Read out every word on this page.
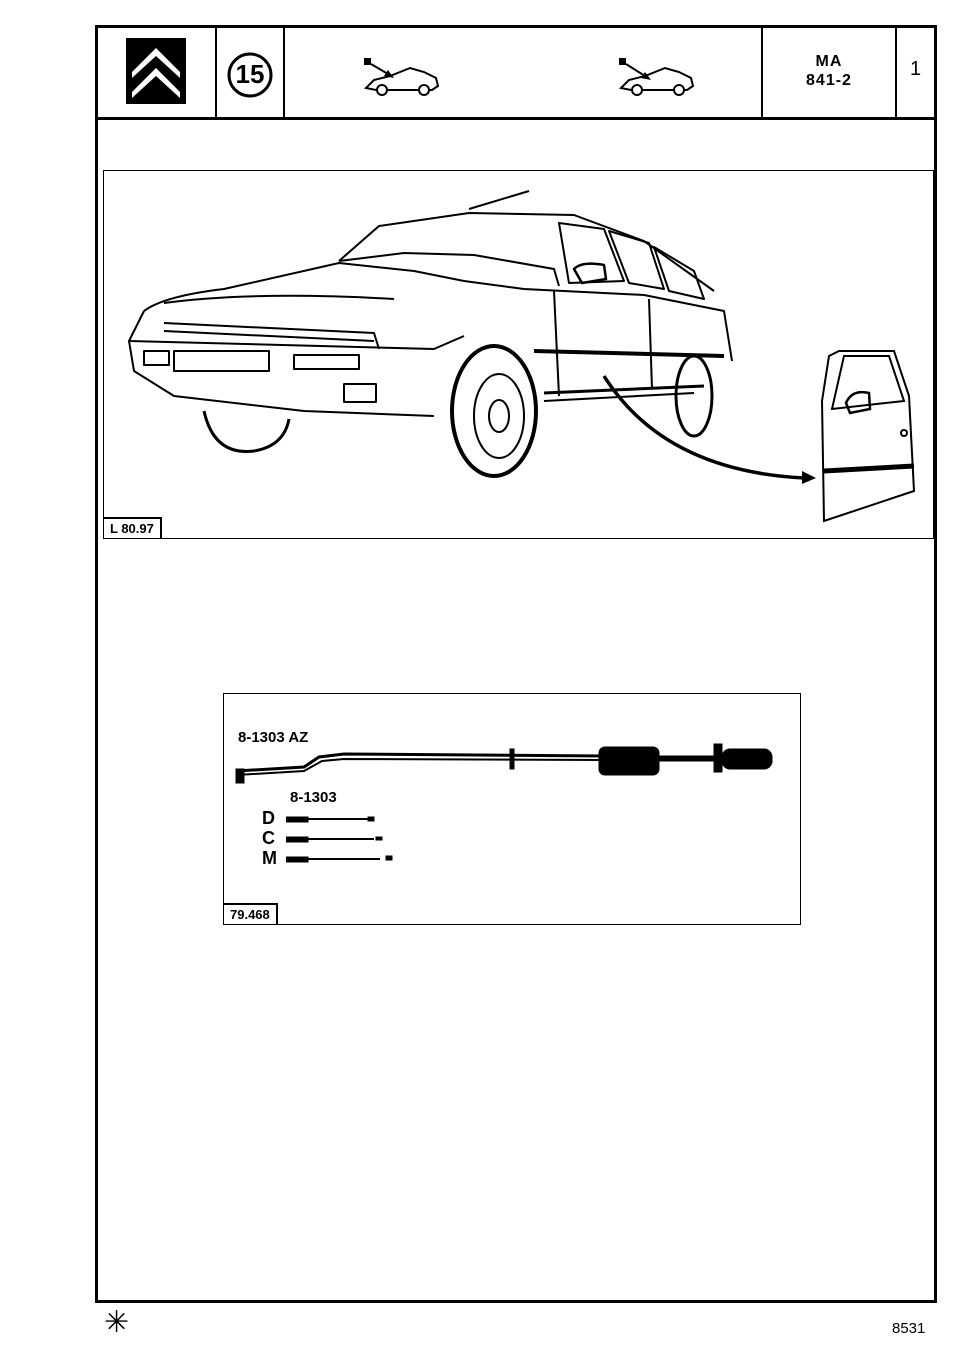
15	MA
841-2
1
L 80.97
8-1303 AZ
8-1303
D
C
M
79.468
✳	8531
